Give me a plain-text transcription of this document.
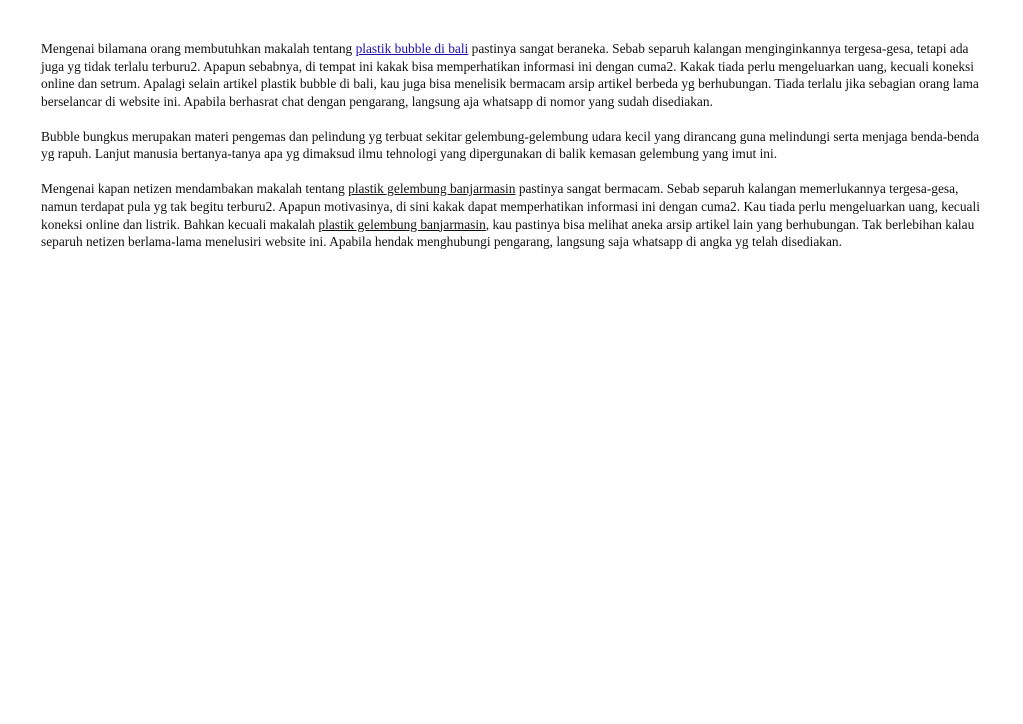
Mengenai bilamana orang membutuhkan makalah tentang plastik bubble di bali pastinya sangat beraneka. Sebab separuh kalangan menginginkannya tergesa-gesa, tetapi ada juga yg tidak terlalu terburu2. Apapun sebabnya, di tempat ini kakak bisa memperhatikan informasi ini dengan cuma2. Kakak tiada perlu mengeluarkan uang, kecuali koneksi online dan setrum. Apalagi selain artikel plastik bubble di bali, kau juga bisa menelisik bermacam arsip artikel berbeda yg berhubungan. Tiada terlalu jika sebagian orang lama berselancar di website ini. Apabila berhasrat chat dengan pengarang, langsung aja whatsapp di nomor yang sudah disediakan.

Bubble bungkus merupakan materi pengemas dan pelindung yg terbuat sekitar gelembung-gelembung udara kecil yang dirancang guna melindungi serta menjaga benda-benda yg rapuh. Lanjut manusia bertanya-tanya apa yg dimaksud ilmu tehnologi yang dipergunakan di balik kemasan gelembung yang imut ini.

Mengenai kapan netizen mendambakan makalah tentang plastik gelembung banjarmasin pastinya sangat bermacam. Sebab separuh kalangan memerlukannya tergesa-gesa, namun terdapat pula yg tak begitu terburu2. Apapun motivasinya, di sini kakak dapat memperhatikan informasi ini dengan cuma2. Kau tiada perlu mengeluarkan uang, kecuali koneksi online dan listrik. Bahkan kecuali makalah plastik gelembung banjarmasin, kau pastinya bisa melihat aneka arsip artikel lain yang berhubungan. Tak berlebihan kalau separuh netizen berlama-lama menelusiri website ini. Apabila hendak menghubungi pengarang, langsung saja whatsapp di angka yg telah disediakan.
